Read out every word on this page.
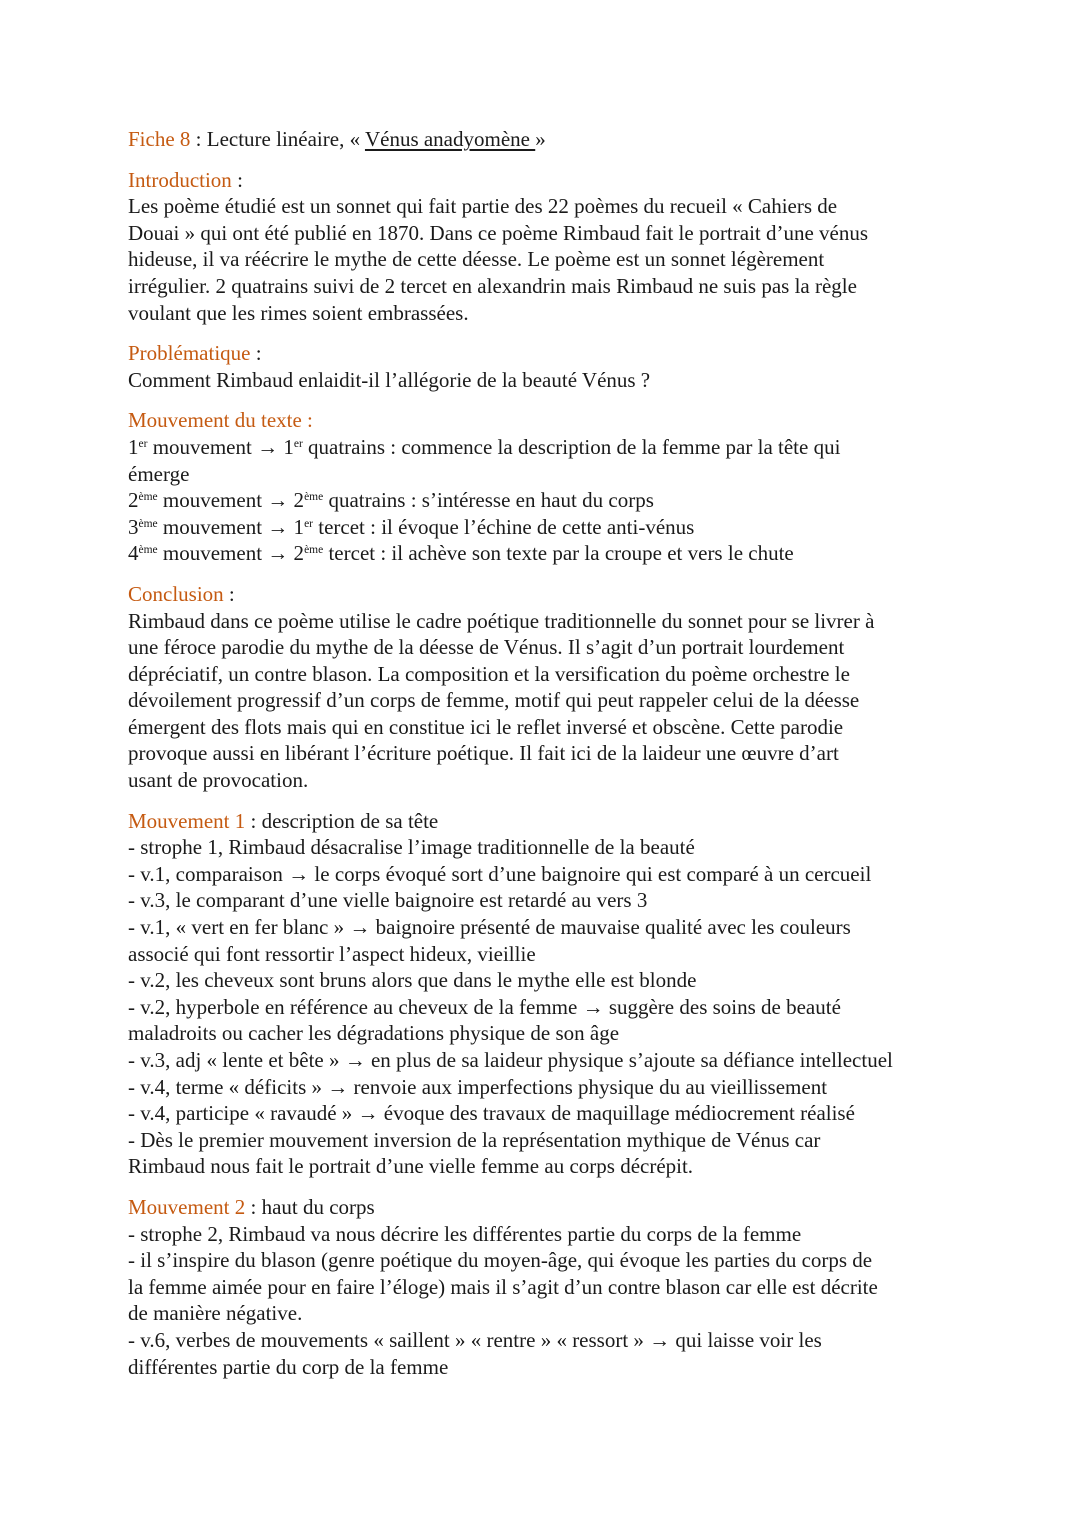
Fiche 8 : Lecture linéaire, « Vénus anadyomène »
Introduction :
Les poème étudié est un sonnet qui fait partie des 22 poèmes du recueil « Cahiers de
Douai » qui ont été publié en 1870. Dans ce poème Rimbaud fait le portrait d’une vénus
hideuse, il va réécrire le mythe de cette déesse. Le poème est un sonnet légèrement
irrégulier. 2 quatrains suivi de 2 tercet en alexandrin mais Rimbaud ne suis pas la règle
voulant que les rimes soient embrassées.
Problématique :
Comment Rimbaud enlaidit-il l’allégorie de la beauté Vénus ?
Mouvement du texte :
1er mouvement → 1er quatrains : commence la description de la femme par la tête qui
émerge
2ème mouvement → 2ème quatrains : s’intéresse en haut du corps
3ème mouvement → 1er tercet : il évoque l’échine de cette anti-vénus
4ème mouvement → 2ème tercet : il achève son texte par la croupe et vers le chute
Conclusion :
Rimbaud dans ce poème utilise le cadre poétique traditionnelle du sonnet pour se livrer à
une féroce parodie du mythe de la déesse de Vénus. Il s’agit d’un portrait lourdement
dépréciatif, un contre blason. La composition et la versification du poème orchestre le
dévoilement progressif d’un corps de femme, motif qui peut rappeler celui de la déesse
émergent des flots mais qui en constitue ici le reflet inversé et obscène. Cette parodie
provoque aussi en libérant l’écriture poétique. Il fait ici de la laideur une œuvre d’art
usant de provocation.
Mouvement 1 : description de sa tête
- strophe 1, Rimbaud désacralise l’image traditionnelle de la beauté
- v.1, comparaison → le corps évoqué sort d’une baignoire qui est comparé à un cercueil
- v.3, le comparant d’une vielle baignoire est retardé au vers 3
- v.1, « vert en fer blanc » → baignoire présenté de mauvaise qualité avec les couleurs
associé qui font ressortir l’aspect hideux, vieillie
- v.2, les cheveux sont bruns alors que dans le mythe elle est blonde
- v.2, hyperbole en référence au cheveux de la femme → suggère des soins de beauté
maladroits ou cacher les dégradations physique de son âge
- v.3, adj « lente et bête » → en plus de sa laideur physique s’ajoute sa défiance intellectuel
- v.4, terme « déficits » → renvoie aux imperfections physique du au vieillissement
- v.4, participe « ravaudé » → évoque des travaux de maquillage médiocrement réalisé
- Dès le premier mouvement inversion de la représentation mythique de Vénus car
Rimbaud nous fait le portrait d’une vielle femme au corps décrépit.
Mouvement 2 : haut du corps
- strophe 2, Rimbaud va nous décrire les différentes partie du corps de la femme
- il s’inspire du blason (genre poétique du moyen-âge, qui évoque les parties du corps de
la femme aimée pour en faire l’éloge) mais il s’agit d’un contre blason car elle est décrite
de manière négative.
- v.6, verbes de mouvements « saillent » « rentre » « ressort » → qui laisse voir les
différentes partie du corp de la femme
